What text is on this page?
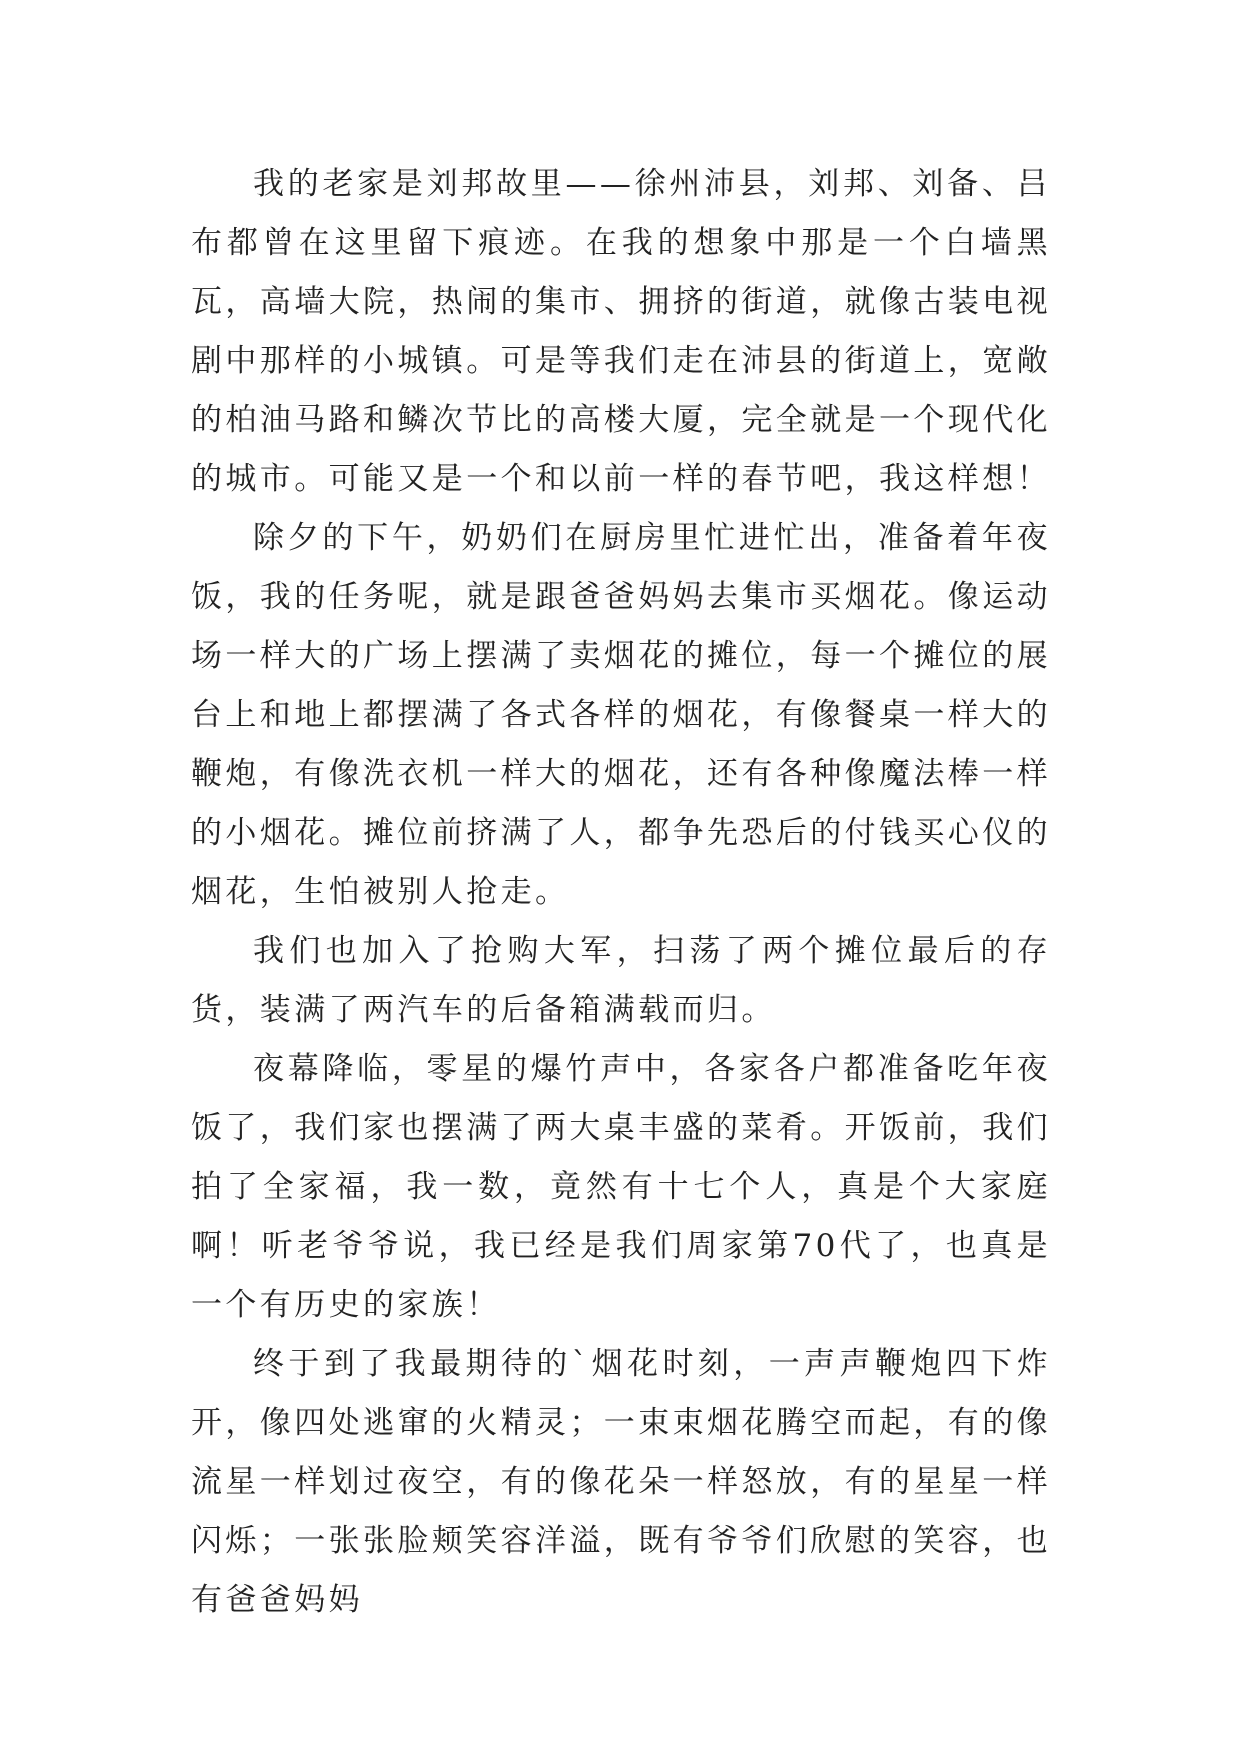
我的老家是刘邦故里——徐州沛县，刘邦、刘备、吕布都曾在这里留下痕迹。在我的想象中那是一个白墙黑瓦，高墙大院，热闹的集市、拥挤的街道，就像古装电视剧中那样的小城镇。可是等我们走在沛县的街道上，宽敞的柏油马路和鳞次节比的高楼大厦，完全就是一个现代化的城市。可能又是一个和以前一样的春节吧，我这样想！

除夕的下午，奶奶们在厨房里忙进忙出，准备着年夜饭，我的任务呢，就是跟爸爸妈妈去集市买烟花。像运动场一样大的广场上摆满了卖烟花的摊位，每一个摊位的展台上和地上都摆满了各式各样的烟花，有像餐桌一样大的鞭炮，有像洗衣机一样大的烟花，还有各种像魔法棒一样的小烟花。摊位前挤满了人，都争先恐后的付钱买心仪的烟花，生怕被别人抢走。

我们也加入了抢购大军，扫荡了两个摊位最后的存货，装满了两汽车的后备箱满载而归。

夜幕降临，零星的爆竹声中，各家各户都准备吃年夜饭了，我们家也摆满了两大桌丰盛的菜肴。开饭前，我们拍了全家福，我一数，竟然有十七个人，真是个大家庭啊！听老爷爷说，我已经是我们周家第70代了，也真是一个有历史的家族！

终于到了我最期待的`烟花时刻，一声声鞭炮四下炸开，像四处逃窜的火精灵；一束束烟花腾空而起，有的像流星一样划过夜空，有的像花朵一样怒放，有的星星一样闪烁；一张张脸颊笑容洋溢，既有爷爷们欣慰的笑容，也有爸爸妈妈
